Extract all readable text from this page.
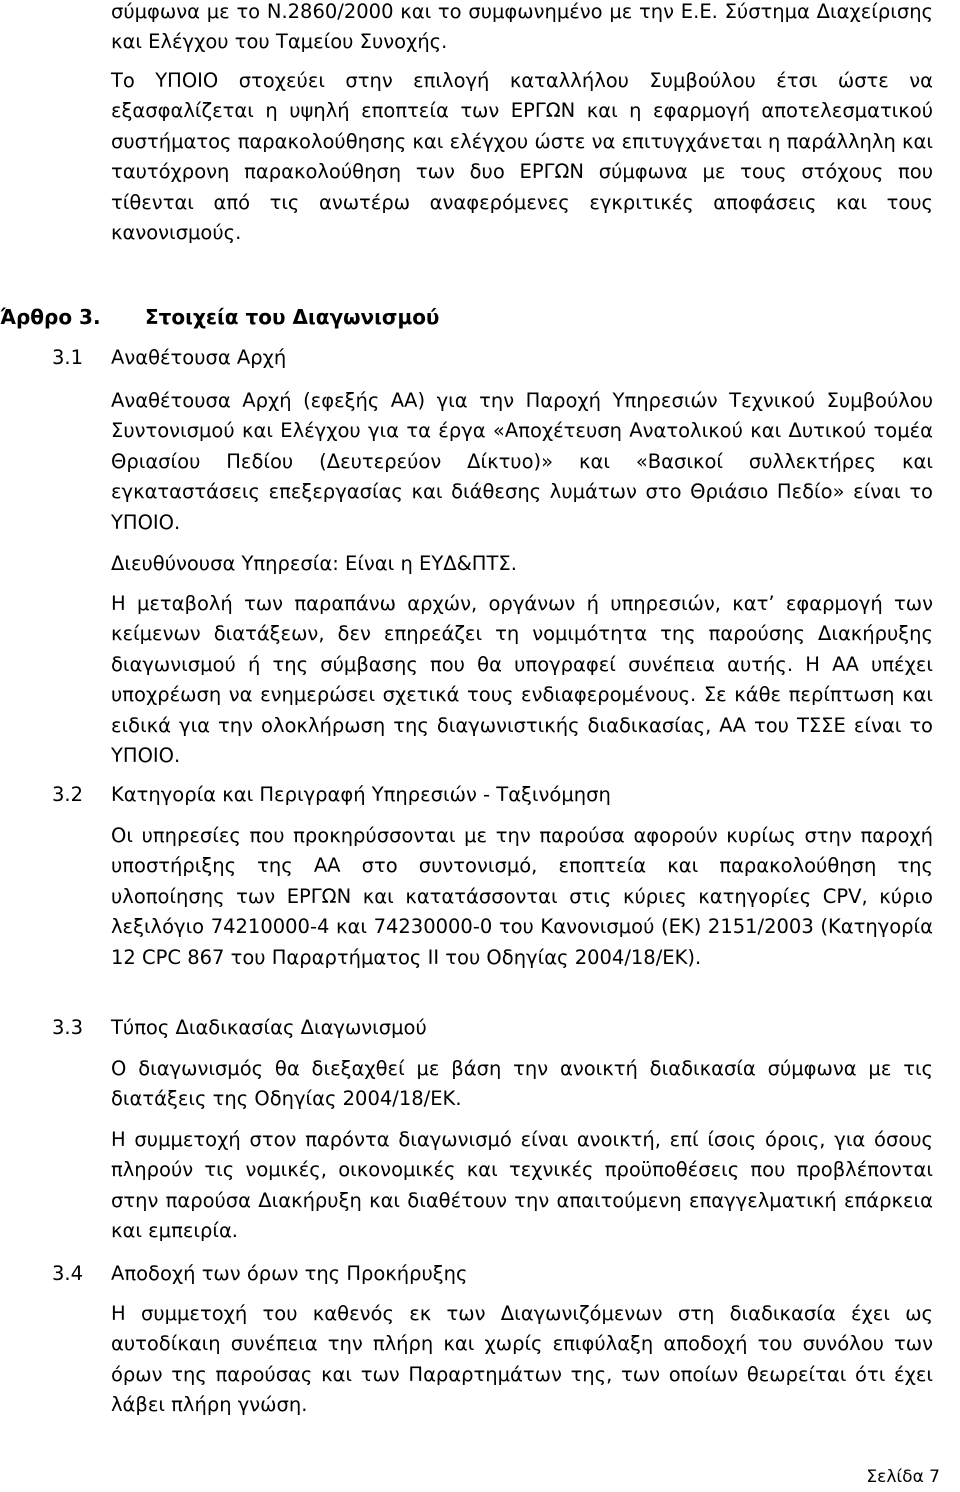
σύμφωνα με το Ν.2860/2000 και το συμφωνημένο με την Ε.Ε. Σύστημα Διαχείρισης και Ελέγχου του Ταμείου Συνοχής.

Το ΥΠΟΙΟ στοχεύει στην επιλογή καταλλήλου Συμβούλου έτσι ώστε να εξασφαλίζεται η υψηλή εποπτεία των ΕΡΓΩΝ και η εφαρμογή αποτελεσματικού συστήματος παρακολούθησης και ελέγχου ώστε να επιτυγχάνεται η παράλληλη και ταυτόχρονη παρακολούθηση των δυο ΕΡΓΩΝ σύμφωνα με τους στόχους που τίθενται από τις ανωτέρω αναφερόμενες εγκριτικές αποφάσεις και τους κανονισμούς.

Άρθρο 3. Στοιχεία του Διαγωνισμού
3.1 Αναθέτουσα Αρχή

Αναθέτουσα Αρχή (εφεξής ΑΑ) για την Παροχή Υπηρεσιών Τεχνικού Συμβούλου Συντονισμού και Ελέγχου για τα έργα «Αποχέτευση Ανατολικού και Δυτικού τομέα Θριασίου Πεδίου (Δευτερεύον Δίκτυο)» και «Βασικοί συλλεκτήρες και εγκαταστάσεις επεξεργασίας και διάθεσης λυμάτων στο Θριάσιο Πεδίο» είναι το ΥΠΟΙΟ.

Διευθύνουσα Υπηρεσία: Είναι η ΕΥΔ&ΠΤΣ.

Η μεταβολή των παραπάνω αρχών, οργάνων ή υπηρεσιών, κατ’ εφαρμογή των κείμενων διατάξεων, δεν επηρεάζει τη νομιμότητα της παρούσης Διακήρυξης διαγωνισμού ή της σύμβασης που θα υπογραφεί συνέπεια αυτής. Η ΑΑ υπέχει υποχρέωση να ενημερώσει σχετικά τους ενδιαφερομένους. Σε κάθε περίπτωση και ειδικά για την ολοκλήρωση της διαγωνιστικής διαδικασίας, ΑΑ του ΤΣΣΕ είναι το ΥΠΟΙΟ.

3.2 Κατηγορία και Περιγραφή Υπηρεσιών - Ταξινόμηση

Οι υπηρεσίες που προκηρύσσονται με την παρούσα αφορούν κυρίως στην παροχή υποστήριξης της ΑΑ στο συντονισμό, εποπτεία και παρακολούθηση της υλοποίησης των ΕΡΓΩΝ και κατατάσσονται στις κύριες κατηγορίες CPV, κύριο λεξιλόγιο 74210000-4 και 74230000-0 του Κανονισμού (ΕΚ) 2151/2003 (Κατηγορία 12 CPC 867 του Παραρτήματος ΙΙ του Οδηγίας 2004/18/ΕΚ).

3.3 Τύπος Διαδικασίας Διαγωνισμού

Ο διαγωνισμός θα διεξαχθεί με βάση την ανοικτή διαδικασία σύμφωνα με τις διατάξεις της Οδηγίας 2004/18/ΕΚ.

Η συμμετοχή στον παρόντα διαγωνισμό είναι ανοικτή, επί ίσοις όροις, για όσους πληρούν τις νομικές, οικονομικές και τεχνικές προϋποθέσεις που προβλέπονται στην παρούσα Διακήρυξη και διαθέτουν την απαιτούμενη επαγγελματική επάρκεια και εμπειρία.

3.4 Αποδοχή των όρων της Προκήρυξης

Η συμμετοχή του καθενός εκ των Διαγωνιζόμενων στη διαδικασία έχει ως αυτοδίκαιη συνέπεια την πλήρη και χωρίς επιφύλαξη αποδοχή του συνόλου των όρων της παρούσας και των Παραρτημάτων της, των οποίων θεωρείται ότι έχει λάβει πλήρη γνώση.

Σελίδα 7
